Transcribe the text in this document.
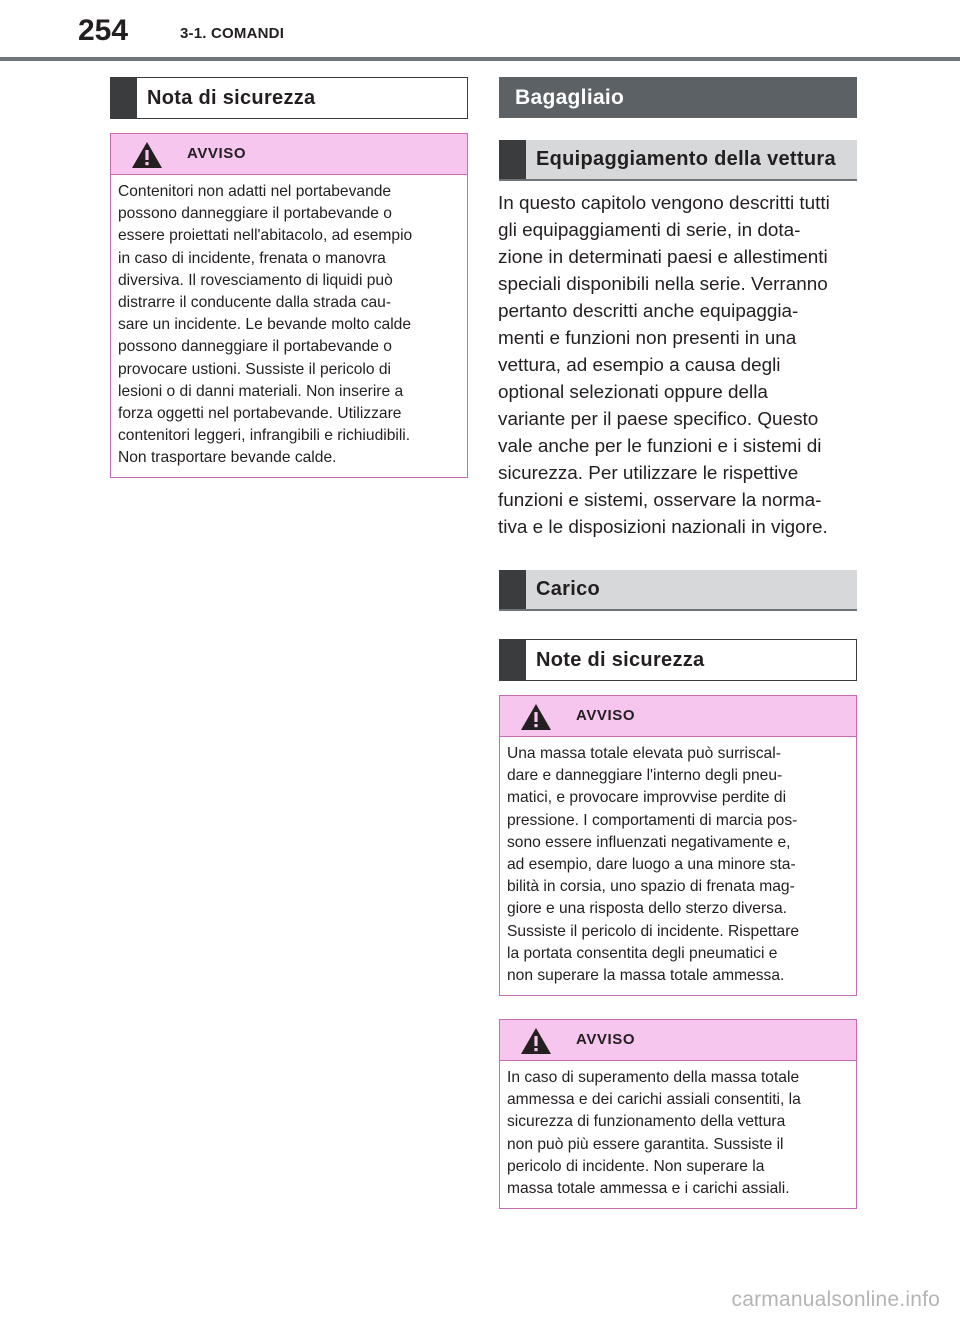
254	3-1. COMANDI
Nota di sicurezza
AVVISO
Contenitori non adatti nel portabevande
possono danneggiare il portabevande o
essere proiettati nell'abitacolo, ad esempio
in caso di incidente, frenata o manovra
diversiva. Il rovesciamento di liquidi può
distrarre il conducente dalla strada cau-
sare un incidente. Le bevande molto calde
possono danneggiare il portabevande o
provocare ustioni. Sussiste il pericolo di
lesioni o di danni materiali. Non inserire a
forza oggetti nel portabevande. Utilizzare
contenitori leggeri, infrangibili e richiudibili.
Non trasportare bevande calde.
Bagagliaio
Equipaggiamento della vettura
In questo capitolo vengono descritti tutti
gli equipaggiamenti di serie, in dota-
zione in determinati paesi e allestimenti
speciali disponibili nella serie. Verranno
pertanto descritti anche equipaggia-
menti e funzioni non presenti in una
vettura, ad esempio a causa degli
optional selezionati oppure della
variante per il paese specifico. Questo
vale anche per le funzioni e i sistemi di
sicurezza. Per utilizzare le rispettive
funzioni e sistemi, osservare la norma-
tiva e le disposizioni nazionali in vigore.
Carico
Note di sicurezza
AVVISO
Una massa totale elevata può surriscal-
dare e danneggiare l'interno degli pneu-
matici, e provocare improvvise perdite di
pressione. I comportamenti di marcia pos-
sono essere influenzati negativamente e,
ad esempio, dare luogo a una minore sta-
bilità in corsia, uno spazio di frenata mag-
giore e una risposta dello sterzo diversa.
Sussiste il pericolo di incidente. Rispettare
la portata consentita degli pneumatici e
non superare la massa totale ammessa.
AVVISO
In caso di superamento della massa totale
ammessa e dei carichi assiali consentiti, la
sicurezza di funzionamento della vettura
non può più essere garantita. Sussiste il
pericolo di incidente. Non superare la
massa totale ammessa e i carichi assiali.
carmanualsonline.info
